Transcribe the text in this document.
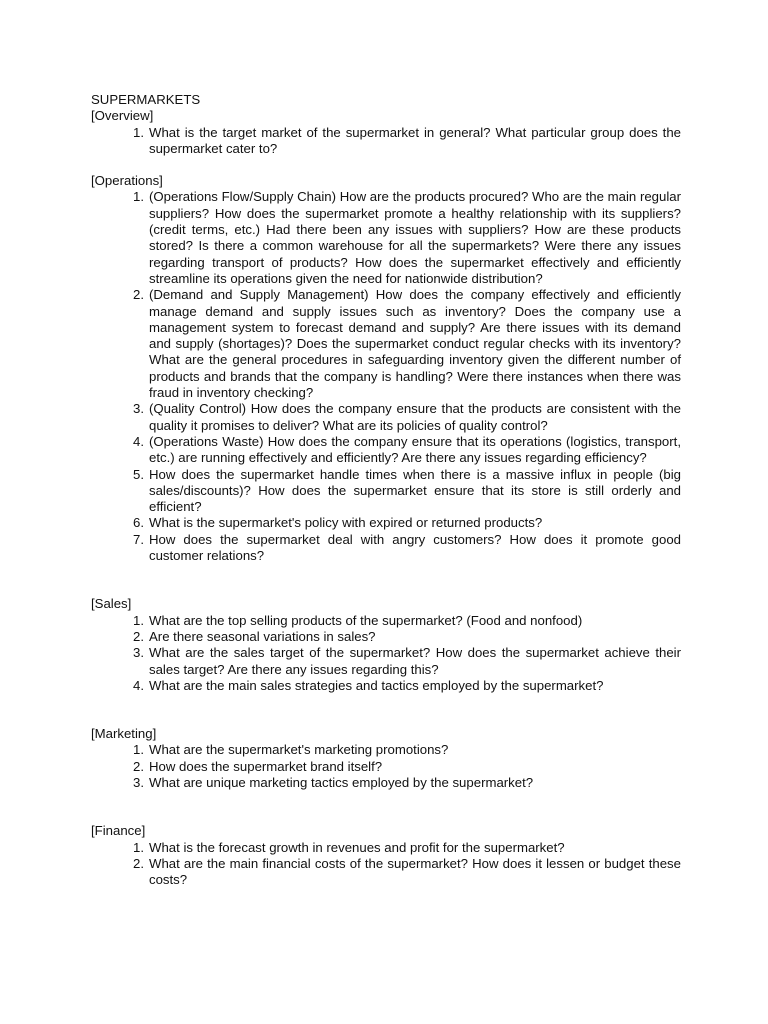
SUPERMARKETS
[Overview]
1. What is the target market of the supermarket in general? What particular group does the supermarket cater to?
[Operations]
1. (Operations Flow/Supply Chain) How are the products procured? Who are the main regular suppliers? How does the supermarket promote a healthy relationship with its suppliers? (credit terms, etc.) Had there been any issues with suppliers? How are these products stored? Is there a common warehouse for all the supermarkets? Were there any issues regarding transport of products? How does the supermarket effectively and efficiently streamline its operations given the need for nationwide distribution?
2. (Demand and Supply Management) How does the company effectively and efficiently manage demand and supply issues such as inventory? Does the company use a management system to forecast demand and supply? Are there issues with its demand and supply (shortages)? Does the supermarket conduct regular checks with its inventory? What are the general procedures in safeguarding inventory given the different number of products and brands that the company is handling? Were there instances when there was fraud in inventory checking?
3. (Quality Control) How does the company ensure that the products are consistent with the quality it promises to deliver? What are its policies of quality control?
4. (Operations Waste) How does the company ensure that its operations (logistics, transport, etc.) are running effectively and efficiently? Are there any issues regarding efficiency?
5. How does the supermarket handle times when there is a massive influx in people (big sales/discounts)? How does the supermarket ensure that its store is still orderly and efficient?
6. What is the supermarket's policy with expired or returned products?
7. How does the supermarket deal with angry customers? How does it promote good customer relations?
[Sales]
1. What are the top selling products of the supermarket? (Food and nonfood)
2. Are there seasonal variations in sales?
3. What are the sales target of the supermarket? How does the supermarket achieve their sales target? Are there any issues regarding this?
4. What are the main sales strategies and tactics employed by the supermarket?
[Marketing]
1. What are the supermarket's marketing promotions?
2. How does the supermarket brand itself?
3. What are unique marketing tactics employed by the supermarket?
[Finance]
1. What is the forecast growth in revenues and profit for the supermarket?
2. What are the main financial costs of the supermarket? How does it lessen or budget these costs?
